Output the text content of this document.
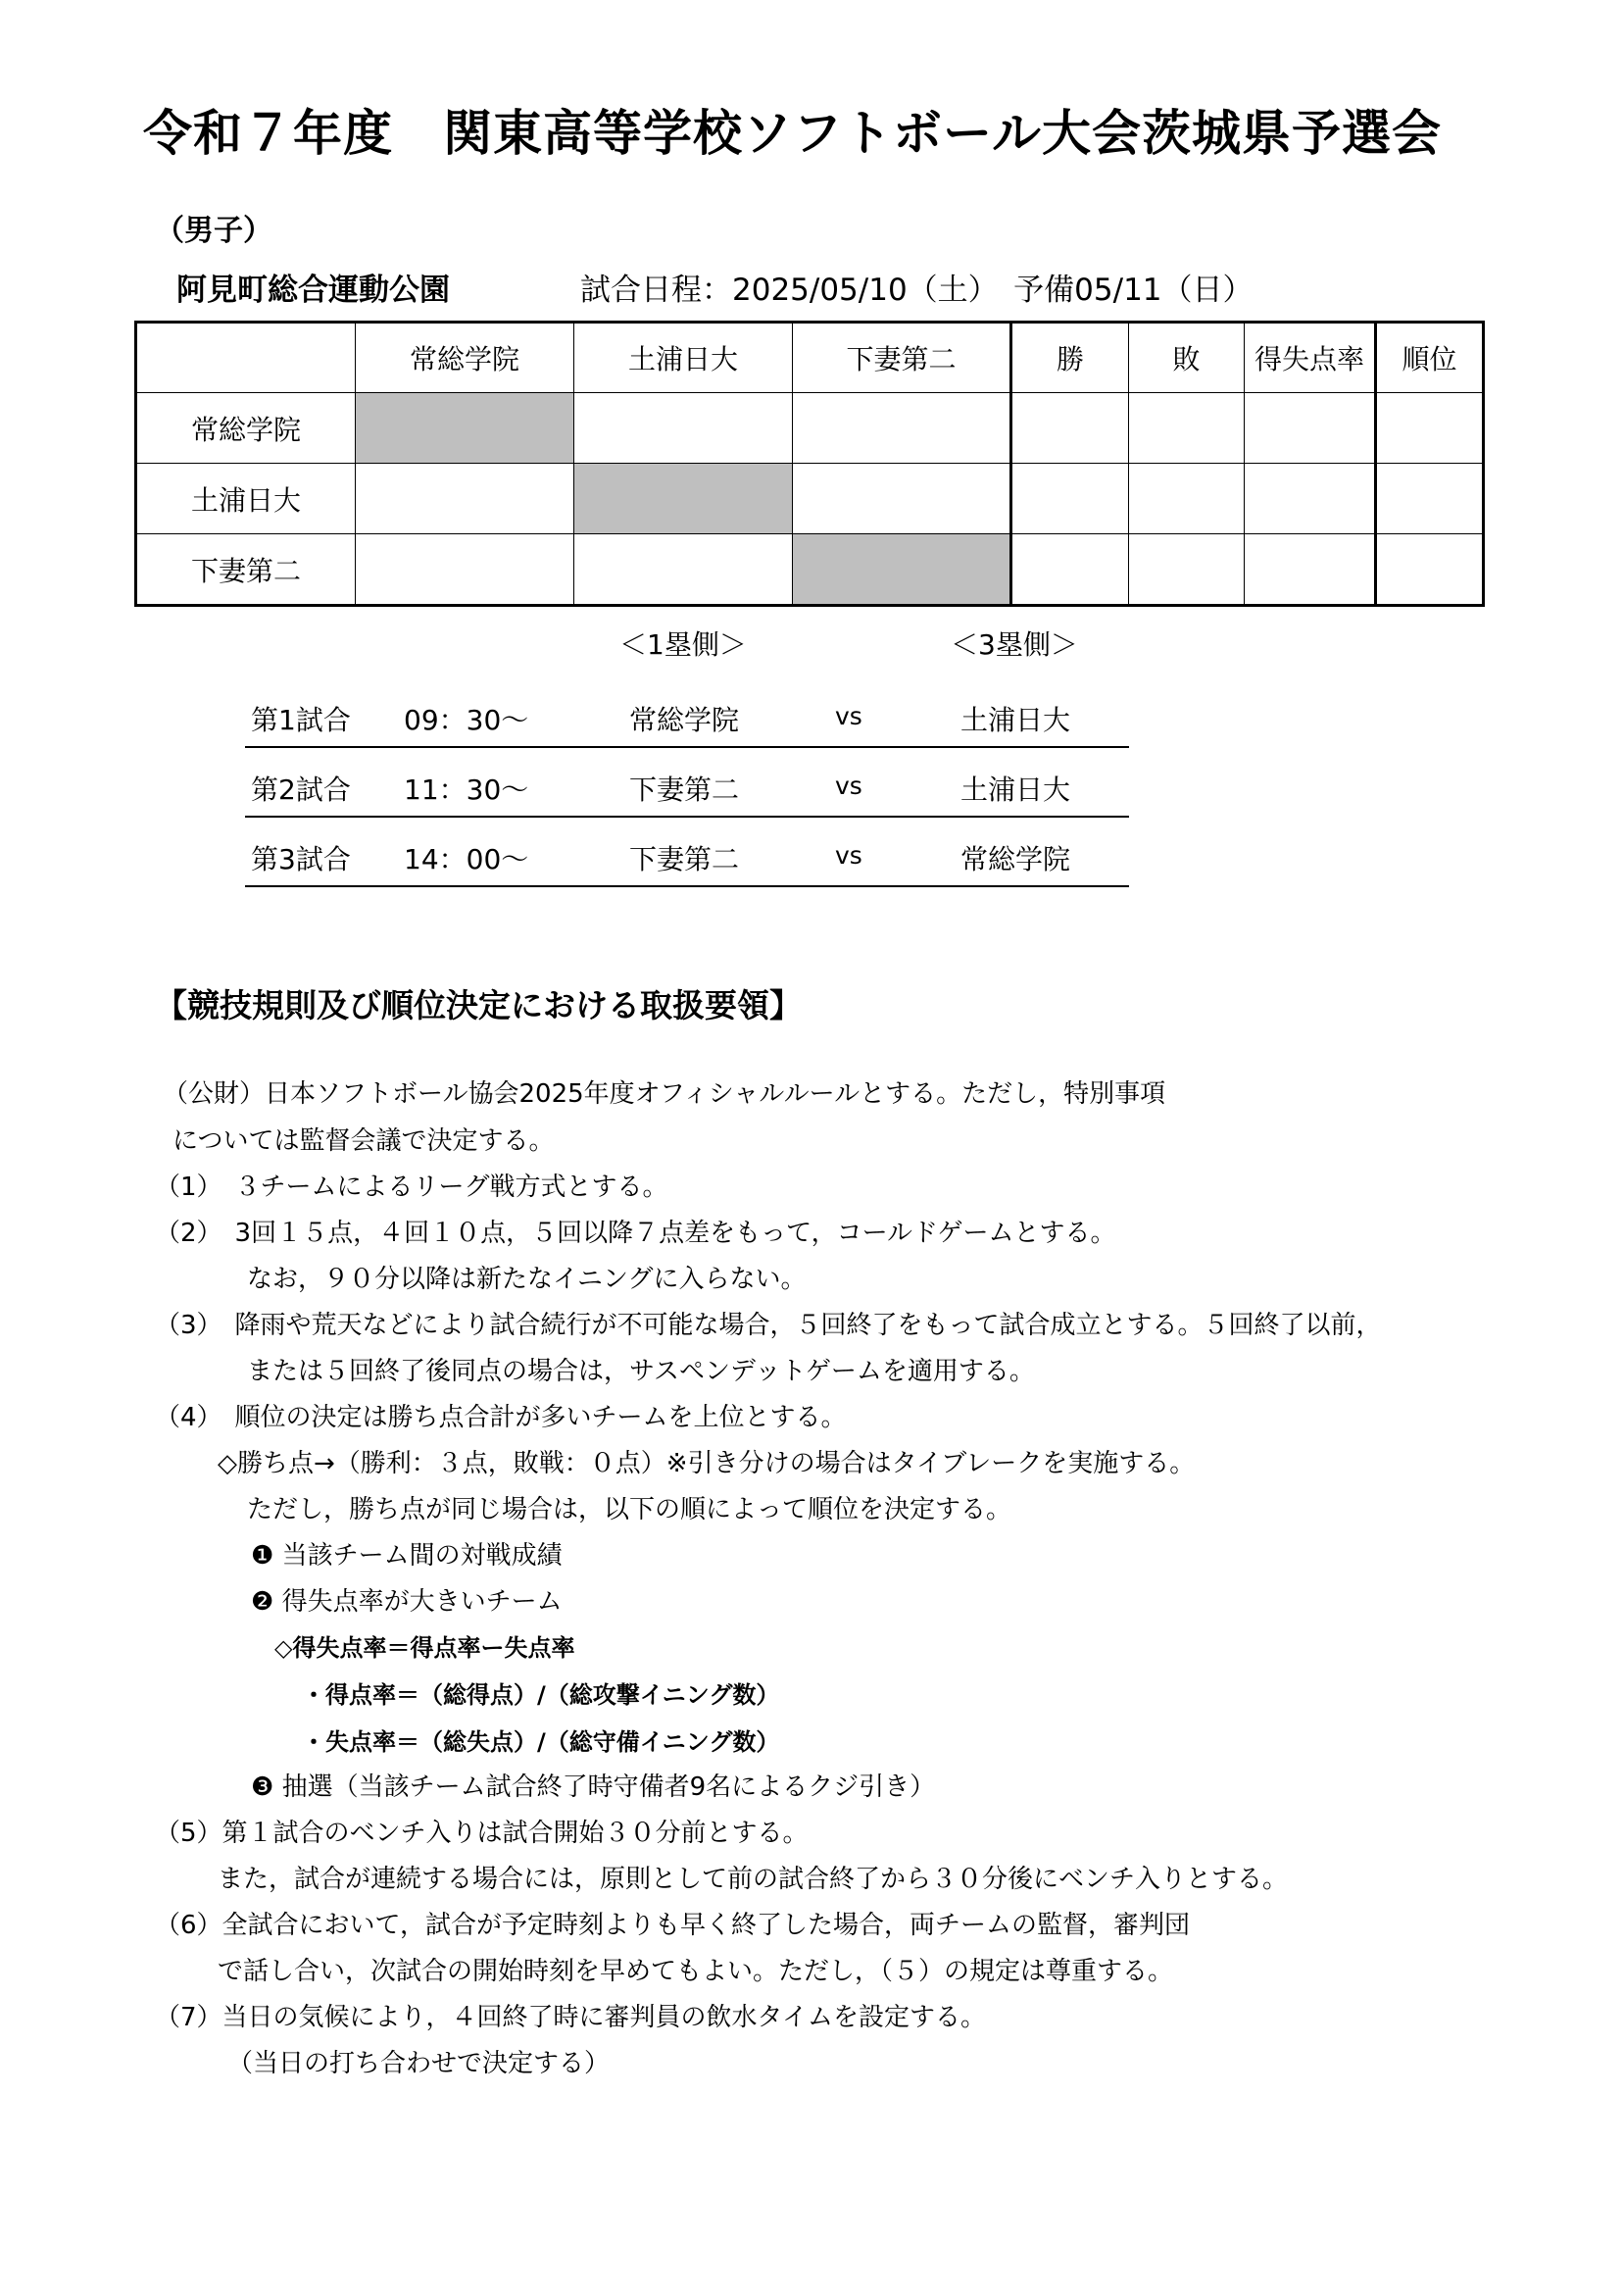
令和７年度　関東高等学校ソフトボール大会茨城県予選会
（男子）
阿見町総合運動公園	試合日程：2025/05/10（土）　予備05/11（日）
	常総学院	土浦日大	下妻第二	勝	敗	得失点率	順位
常総学院							
土浦日大							
下妻第二							
＜1塁側＞	＜3塁側＞
第1試合 09：30〜	常総学院	vs	土浦日大
第2試合 11：30〜	下妻第二	vs	土浦日大
第3試合 14：00〜	下妻第二	vs	常総学院
【競技規則及び順位決定における取扱要領】
（公財）日本ソフトボール協会2025年度オフィシャルルールとする。ただし，特別事項
については監督会議で決定する。
（1）　３チームによるリーグ戦方式とする。
（2）　3回１５点，４回１０点，５回以降７点差をもって，コールドゲームとする。
なお，９０分以降は新たなイニングに入らない。
（3）　降雨や荒天などにより試合続行が不可能な場合，５回終了をもって試合成立とする。５回終了以前，
または５回終了後同点の場合は，サスペンデットゲームを適用する。
（4）　順位の決定は勝ち点合計が多いチームを上位とする。
◇勝ち点→（勝利：３点，敗戦：０点）※引き分けの場合はタイブレークを実施する。
ただし，勝ち点が同じ場合は，以下の順によって順位を決定する。
❶ 当該チーム間の対戦成績
❷ 得失点率が大きいチーム
◇得失点率＝得点率ー失点率
・得点率＝（総得点）/（総攻撃イニング数）
・失点率＝（総失点）/（総守備イニング数）
❸ 抽選（当該チーム試合終了時守備者9名によるクジ引き）
（5）第１試合のベンチ入りは試合開始３０分前とする。
また，試合が連続する場合には，原則として前の試合終了から３０分後にベンチ入りとする。
（6）全試合において，試合が予定時刻よりも早く終了した場合，両チームの監督，審判団
で話し合い，次試合の開始時刻を早めてもよい。ただし，（５）の規定は尊重する。
（7）当日の気候により，４回終了時に審判員の飲水タイムを設定する。
（当日の打ち合わせで決定する）
